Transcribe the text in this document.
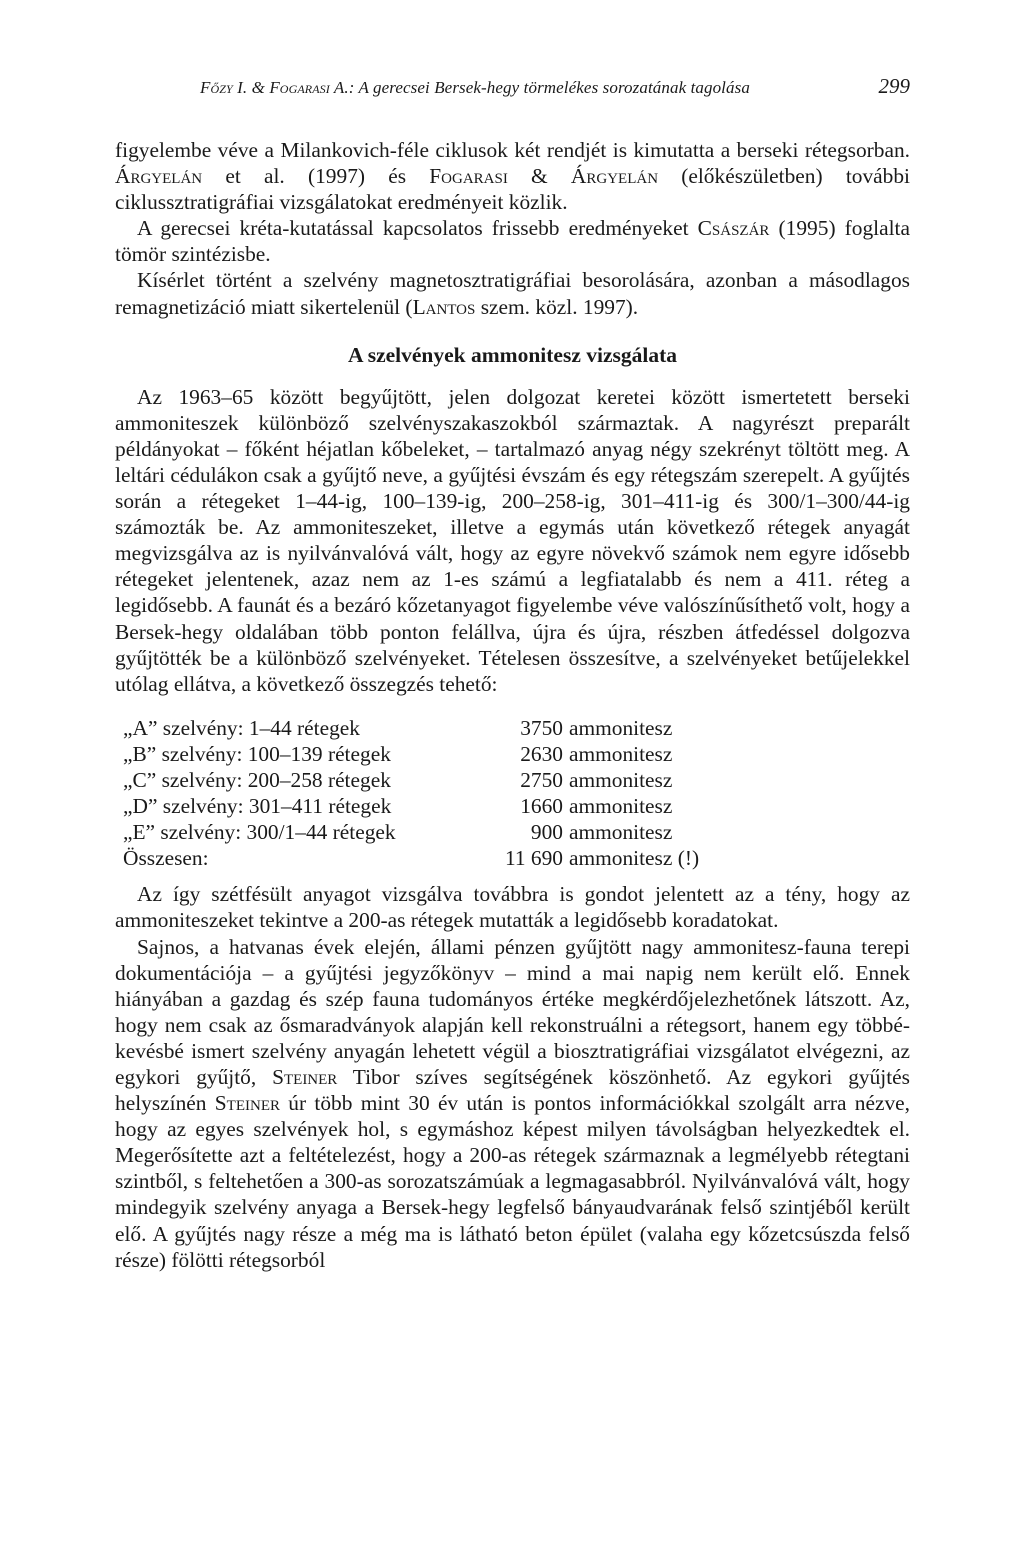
Főzy I. & Fogarasi A.: A gerecsei Bersek-hegy törmelékes sorozatának tagolása	299

figyelembe véve a Milankovich-féle ciklusok két rendjét is kimutatta a berseki rétegsorban. Árgyelán et al. (1997) és Fogarasi & Árgyelán (előkészületben) további ciklussztratigráfiai vizsgálatokat eredményeit közlik.

A gerecsei kréta-kutatással kapcsolatos frissebb eredményeket Császár (1995) foglalta tömör szintézisbe.

Kísérlet történt a szelvény magnetosztratigráfiai besorolására, azonban a másodlagos remagnetizáció miatt sikertelenül (Lantos szem. közl. 1997).

A szelvények ammonitesz vizsgálata

Az 1963–65 között begyűjtött, jelen dolgozat keretei között ismertetett berseki ammoniteszek különböző szelvényszakaszokból származtak. A nagyrészt preparált példányokat – főként héjatlan kőbeleket, – tartalmazó anyag négy szekrényt töltött meg. A leltári cédulákon csak a gyűjtő neve, a gyűjtési évszám és egy rétegszám szerepelt. A gyűjtés során a rétegeket 1–44-ig, 100–139-ig, 200–258-ig, 301–411-ig és 300/1–300/44-ig számozták be. Az ammoniteszeket, illetve a egymás után következő rétegek anyagát megvizsgálva az is nyilvánvalóvá vált, hogy az egyre növekvő számok nem egyre idősebb rétegeket jelentenek, azaz nem az 1-es számú a legfiatalabb és nem a 411. réteg a legidősebb. A faunát és a bezáró kőzetanyagot figyelembe véve valószínűsíthető volt, hogy a Bersek-hegy oldalában több ponton felállva, újra és újra, részben átfedéssel dolgozva gyűjtötték be a különböző szelvényeket. Tételesen összesítve, a szelvényeket betűjelekkel utólag ellátva, a következő összegzés tehető:

„A” szelvény: 1–44 rétegek	3750	ammonitesz
„B” szelvény: 100–139 rétegek	2630	ammonitesz
„C” szelvény: 200–258 rétegek	2750	ammonitesz
„D” szelvény: 301–411 rétegek	1660	ammonitesz
„E” szelvény: 300/1–44 rétegek	900	ammonitesz
Összesen:	11 690	ammonitesz (!)

Az így szétfésült anyagot vizsgálva továbbra is gondot jelentett az a tény, hogy az ammoniteszeket tekintve a 200-as rétegek mutatták a legidősebb koradatokat.

Sajnos, a hatvanas évek elején, állami pénzen gyűjtött nagy ammonitesz-fauna terepi dokumentációja – a gyűjtési jegyzőkönyv – mind a mai napig nem került elő. Ennek hiányában a gazdag és szép fauna tudományos értéke megkérdőjelezhetőnek látszott. Az, hogy nem csak az ősmaradványok alapján kell rekonstruálni a rétegsort, hanem egy többé-kevésbé ismert szelvény anyagán lehetett végül a biosztratigráfiai vizsgálatot elvégezni, az egykori gyűjtő, Steiner Tibor szíves segítségének köszönhető. Az egykori gyűjtés helyszínén Steiner úr több mint 30 év után is pontos információkkal szolgált arra nézve, hogy az egyes szelvények hol, s egymáshoz képest milyen távolságban helyezkedtek el. Megerősítette azt a feltételezést, hogy a 200-as rétegek származnak a legmélyebb rétegtani szintből, s feltehetően a 300-as sorozatszámúak a legmagasabbról. Nyilvánvalóvá vált, hogy mindegyik szelvény anyaga a Bersek-hegy legfelső bányaudvarának felső szintjéből került elő. A gyűjtés nagy része a még ma is látható beton épület (valaha egy kőzetcsúszda felső része) fölötti rétegsorból
